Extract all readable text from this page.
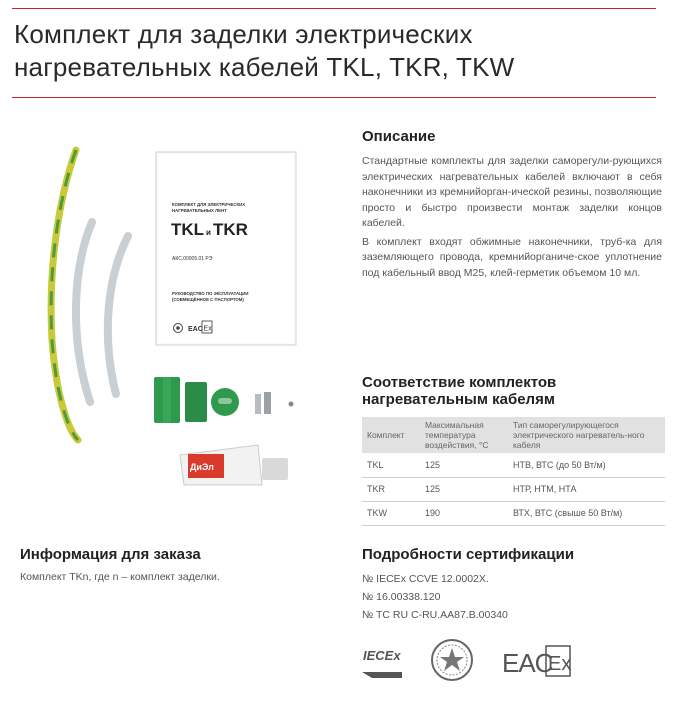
Комплект для заделки электрических
нагревательных кабелей TKL, TKR, TKW
КОМПЛЕКТ ДЛЯ ЭЛЕКТРИЧЕСКИХ
НАГРЕВАТЕЛЬНЫХ ЛЕНТ
TKL и TKR
АКС.00005.01 РЭ
РУКОВОДСТВО ПО ЭКСПЛУАТАЦИИ
(СОВМЕЩЁННОЕ С ПАСПОРТОМ)
EAC Ex
ДиЭл
Описание

Стандартные комплекты для заделки саморегули-рующихся электрических нагревательных кабелей включают в себя наконечники из кремнийорган-ической резины, позволяющие просто и быстро произвести монтаж заделки концов кабелей.

В комплект входят обжимные наконечники, труб-ка для заземляющего провода, кремнийорганиче-ское уплотнение под кабельный ввод М25, клей-герметик объемом 10 мл.

Соответствие комплектов
нагревательным кабелям
Комплект	Максимальная температура воздействия, °С	Тип саморегулирующегося электрического нагреватель-ного кабеля
TKL	125	НТВ, ВТС (до 50 Вт/м)
TKR	125	НТР, НТМ, НТА
TKW	190	ВТХ, ВТС (свыше 50 Вт/м)
Информация для заказа

Комплект TKn, где n – комплект заделки.

Подробности сертификации

№ IECEx CCVE 12.0002X.

№ 16.00338.120

№ TC RU C-RU.AA87.B.00340

IECEx	EAC
Ex
